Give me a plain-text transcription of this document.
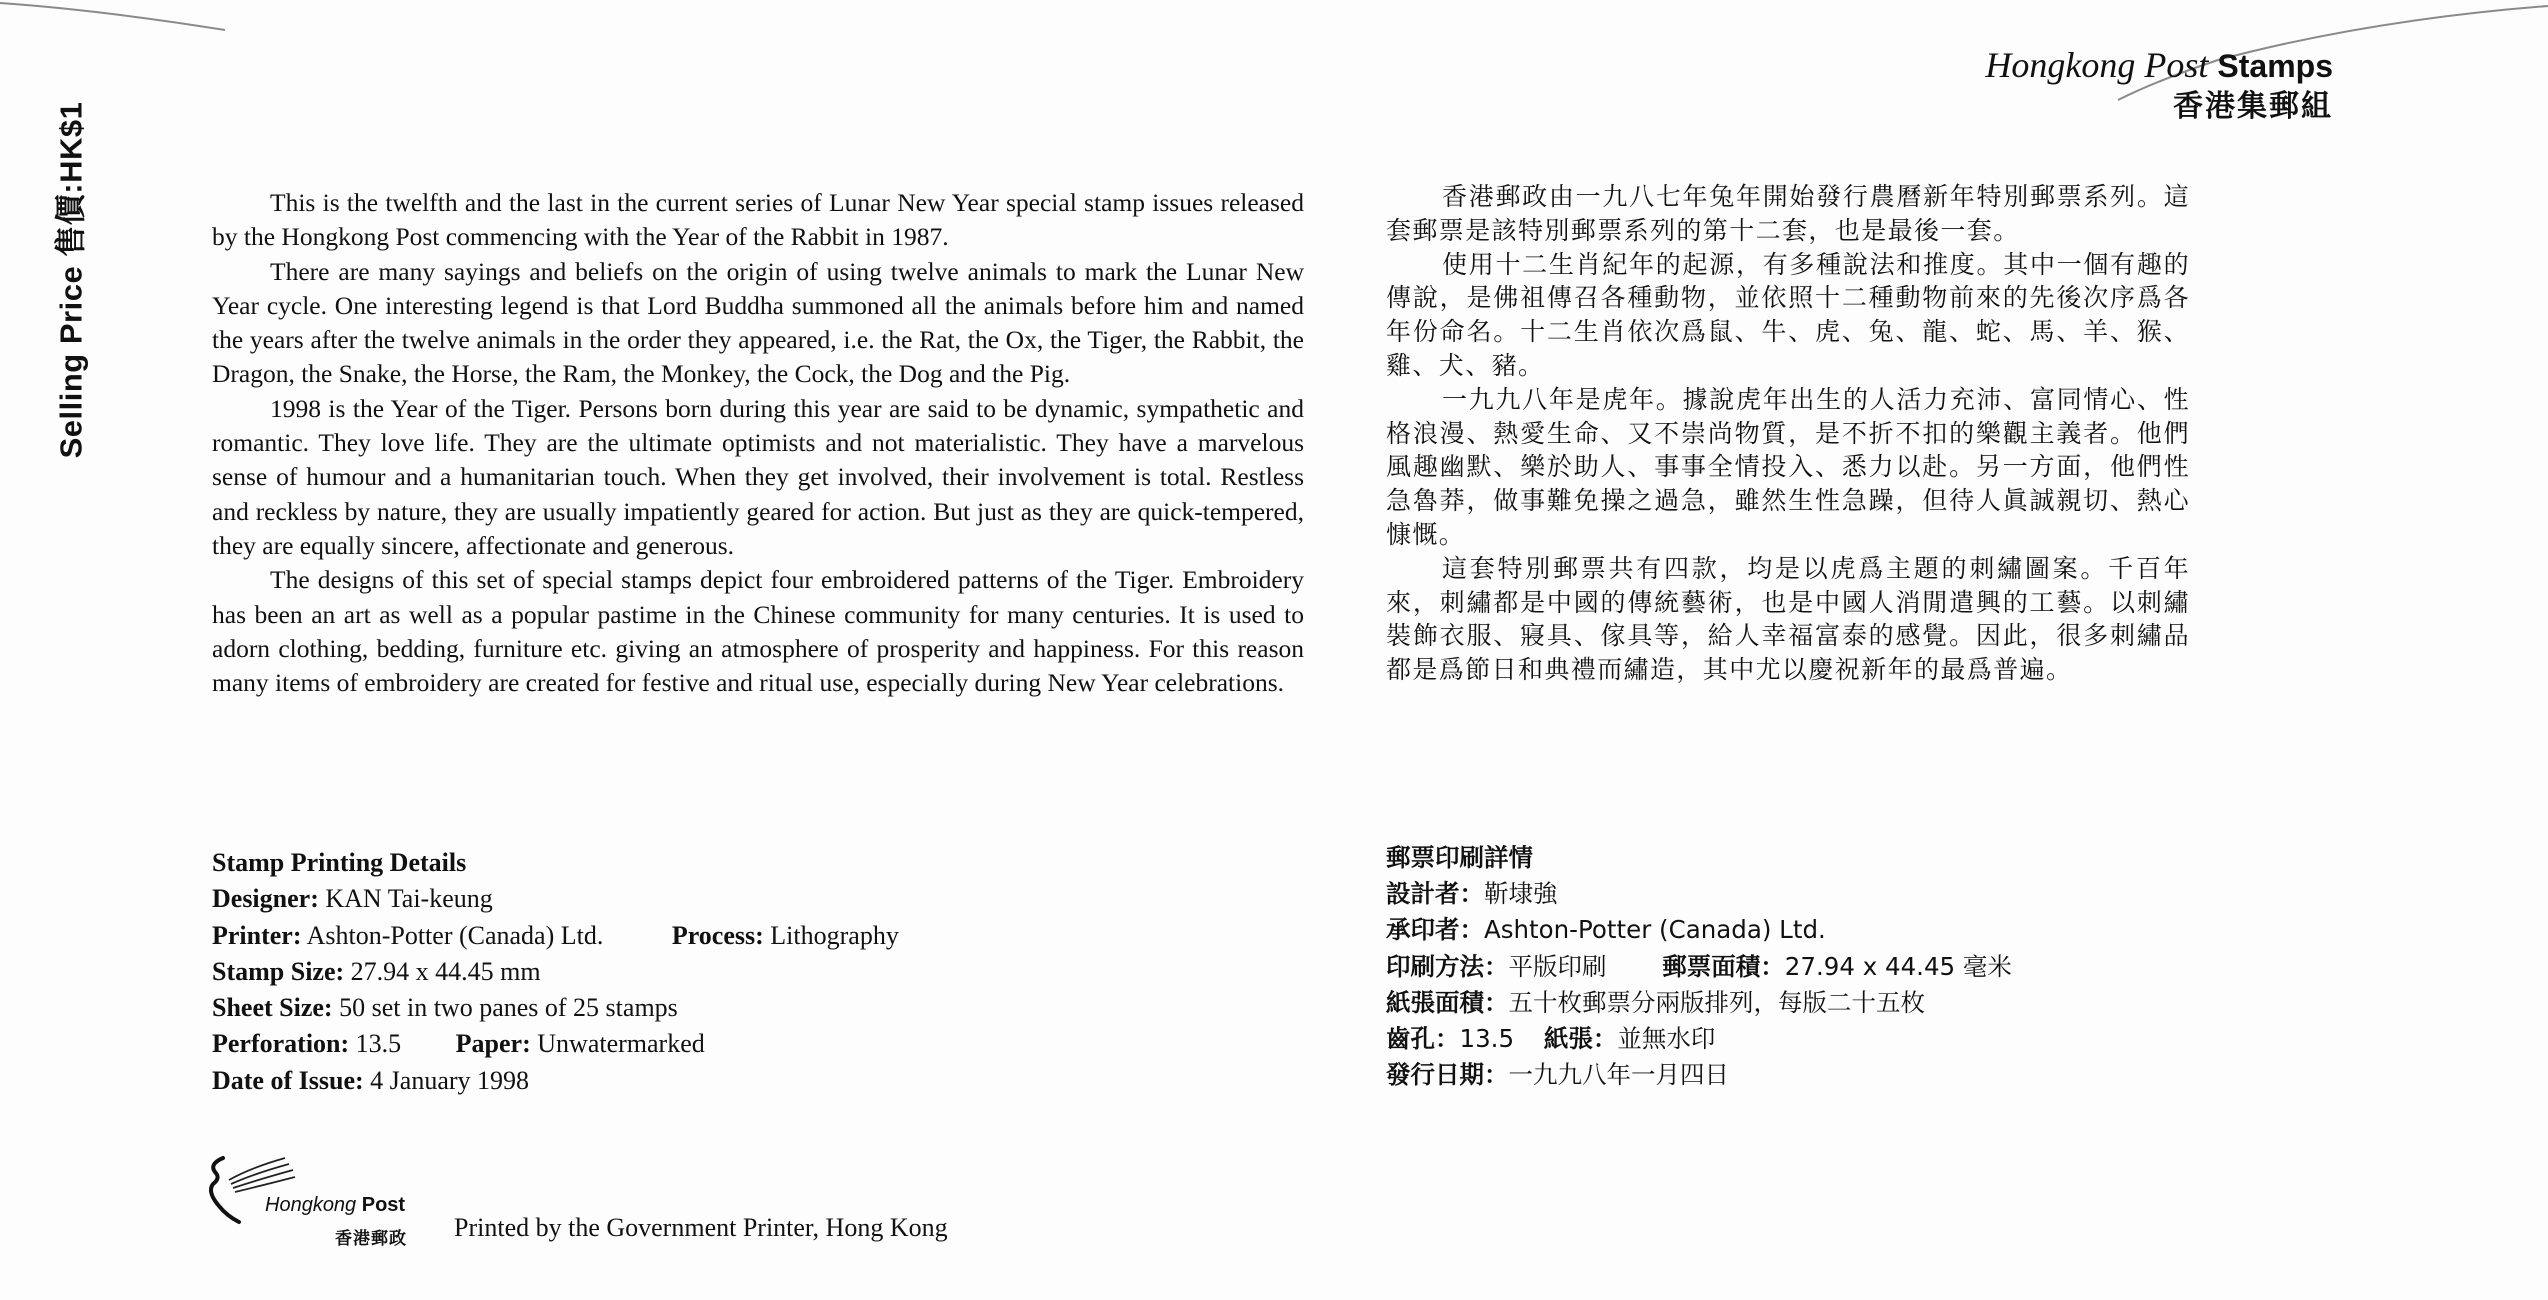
Selling Price 售價:HK$1
Hongkong Post Stamps
香港集郵組

This is the twelfth and the last in the current series of Lunar New Year special stamp issues released by the Hongkong Post commencing with the Year of the Rabbit in 1987.

There are many sayings and beliefs on the origin of using twelve animals to mark the Lunar New Year cycle. One interesting legend is that Lord Buddha summoned all the animals before him and named the years after the twelve animals in the order they appeared, i.e. the Rat, the Ox, the Tiger, the Rabbit, the Dragon, the Snake, the Horse, the Ram, the Monkey, the Cock, the Dog and the Pig.

1998 is the Year of the Tiger. Persons born during this year are said to be dynamic, sympathetic and romantic. They love life. They are the ultimate optimists and not materialistic. They have a marvelous sense of humour and a humanitarian touch. When they get involved, their involvement is total. Restless and reckless by nature, they are usually impatiently geared for action. But just as they are quick-tempered, they are equally sincere, affectionate and generous.

The designs of this set of special stamps depict four embroidered patterns of the Tiger. Embroidery has been an art as well as a popular pastime in the Chinese community for many centuries. It is used to adorn clothing, bedding, furniture etc. giving an atmosphere of prosperity and happiness. For this reason many items of embroidery are created for festive and ritual use, especially during New Year celebrations.

Stamp Printing Details
Designer: KAN Tai-keung
Printer: Ashton-Potter (Canada) Ltd.	Process: Lithography
Stamp Size: 27.94 x 44.45 mm
Sheet Size: 50 set in two panes of 25 stamps
Perforation: 13.5 Paper: Unwatermarked
Date of Issue: 4 January 1998

香港郵政由一九八七年兔年開始發行農曆新年特別郵票系列。這套郵票是該特別郵票系列的第十二套，也是最後一套。

使用十二生肖紀年的起源，有多種說法和推度。其中一個有趣的傳說，是佛祖傳召各種動物，並依照十二種動物前來的先後次序爲各年份命名。十二生肖依次爲鼠、牛、虎、兔、龍、蛇、馬、羊、猴、雞、犬、豬。

一九九八年是虎年。據說虎年出生的人活力充沛、富同情心、性格浪漫、熱愛生命、又不崇尚物質，是不折不扣的樂觀主義者。他們風趣幽默、樂於助人、事事全情投入、悉力以赴。另一方面，他們性急魯莽，做事難免操之過急，雖然生性急躁，但待人眞誠親切、熱心慷慨。

這套特別郵票共有四款，均是以虎爲主題的刺繡圖案。千百年來，刺繡都是中國的傳統藝術，也是中國人消閒遣興的工藝。以刺繡裝飾衣服、寢具、傢具等，給人幸福富泰的感覺。因此，很多刺繡品都是爲節日和典禮而繡造，其中尤以慶祝新年的最爲普遍。

郵票印刷詳情
設計者：靳埭強
承印者：Ashton-Potter (Canada) Ltd.
印刷方法：平版印刷 郵票面積：27.94 x 44.45 毫米
紙張面積：五十枚郵票分兩版排列，每版二十五枚
齒孔：13.5 紙張：並無水印
發行日期：一九九八年一月四日
Hongkong Post
香港郵政 Printed by the Government Printer, Hong Kong
